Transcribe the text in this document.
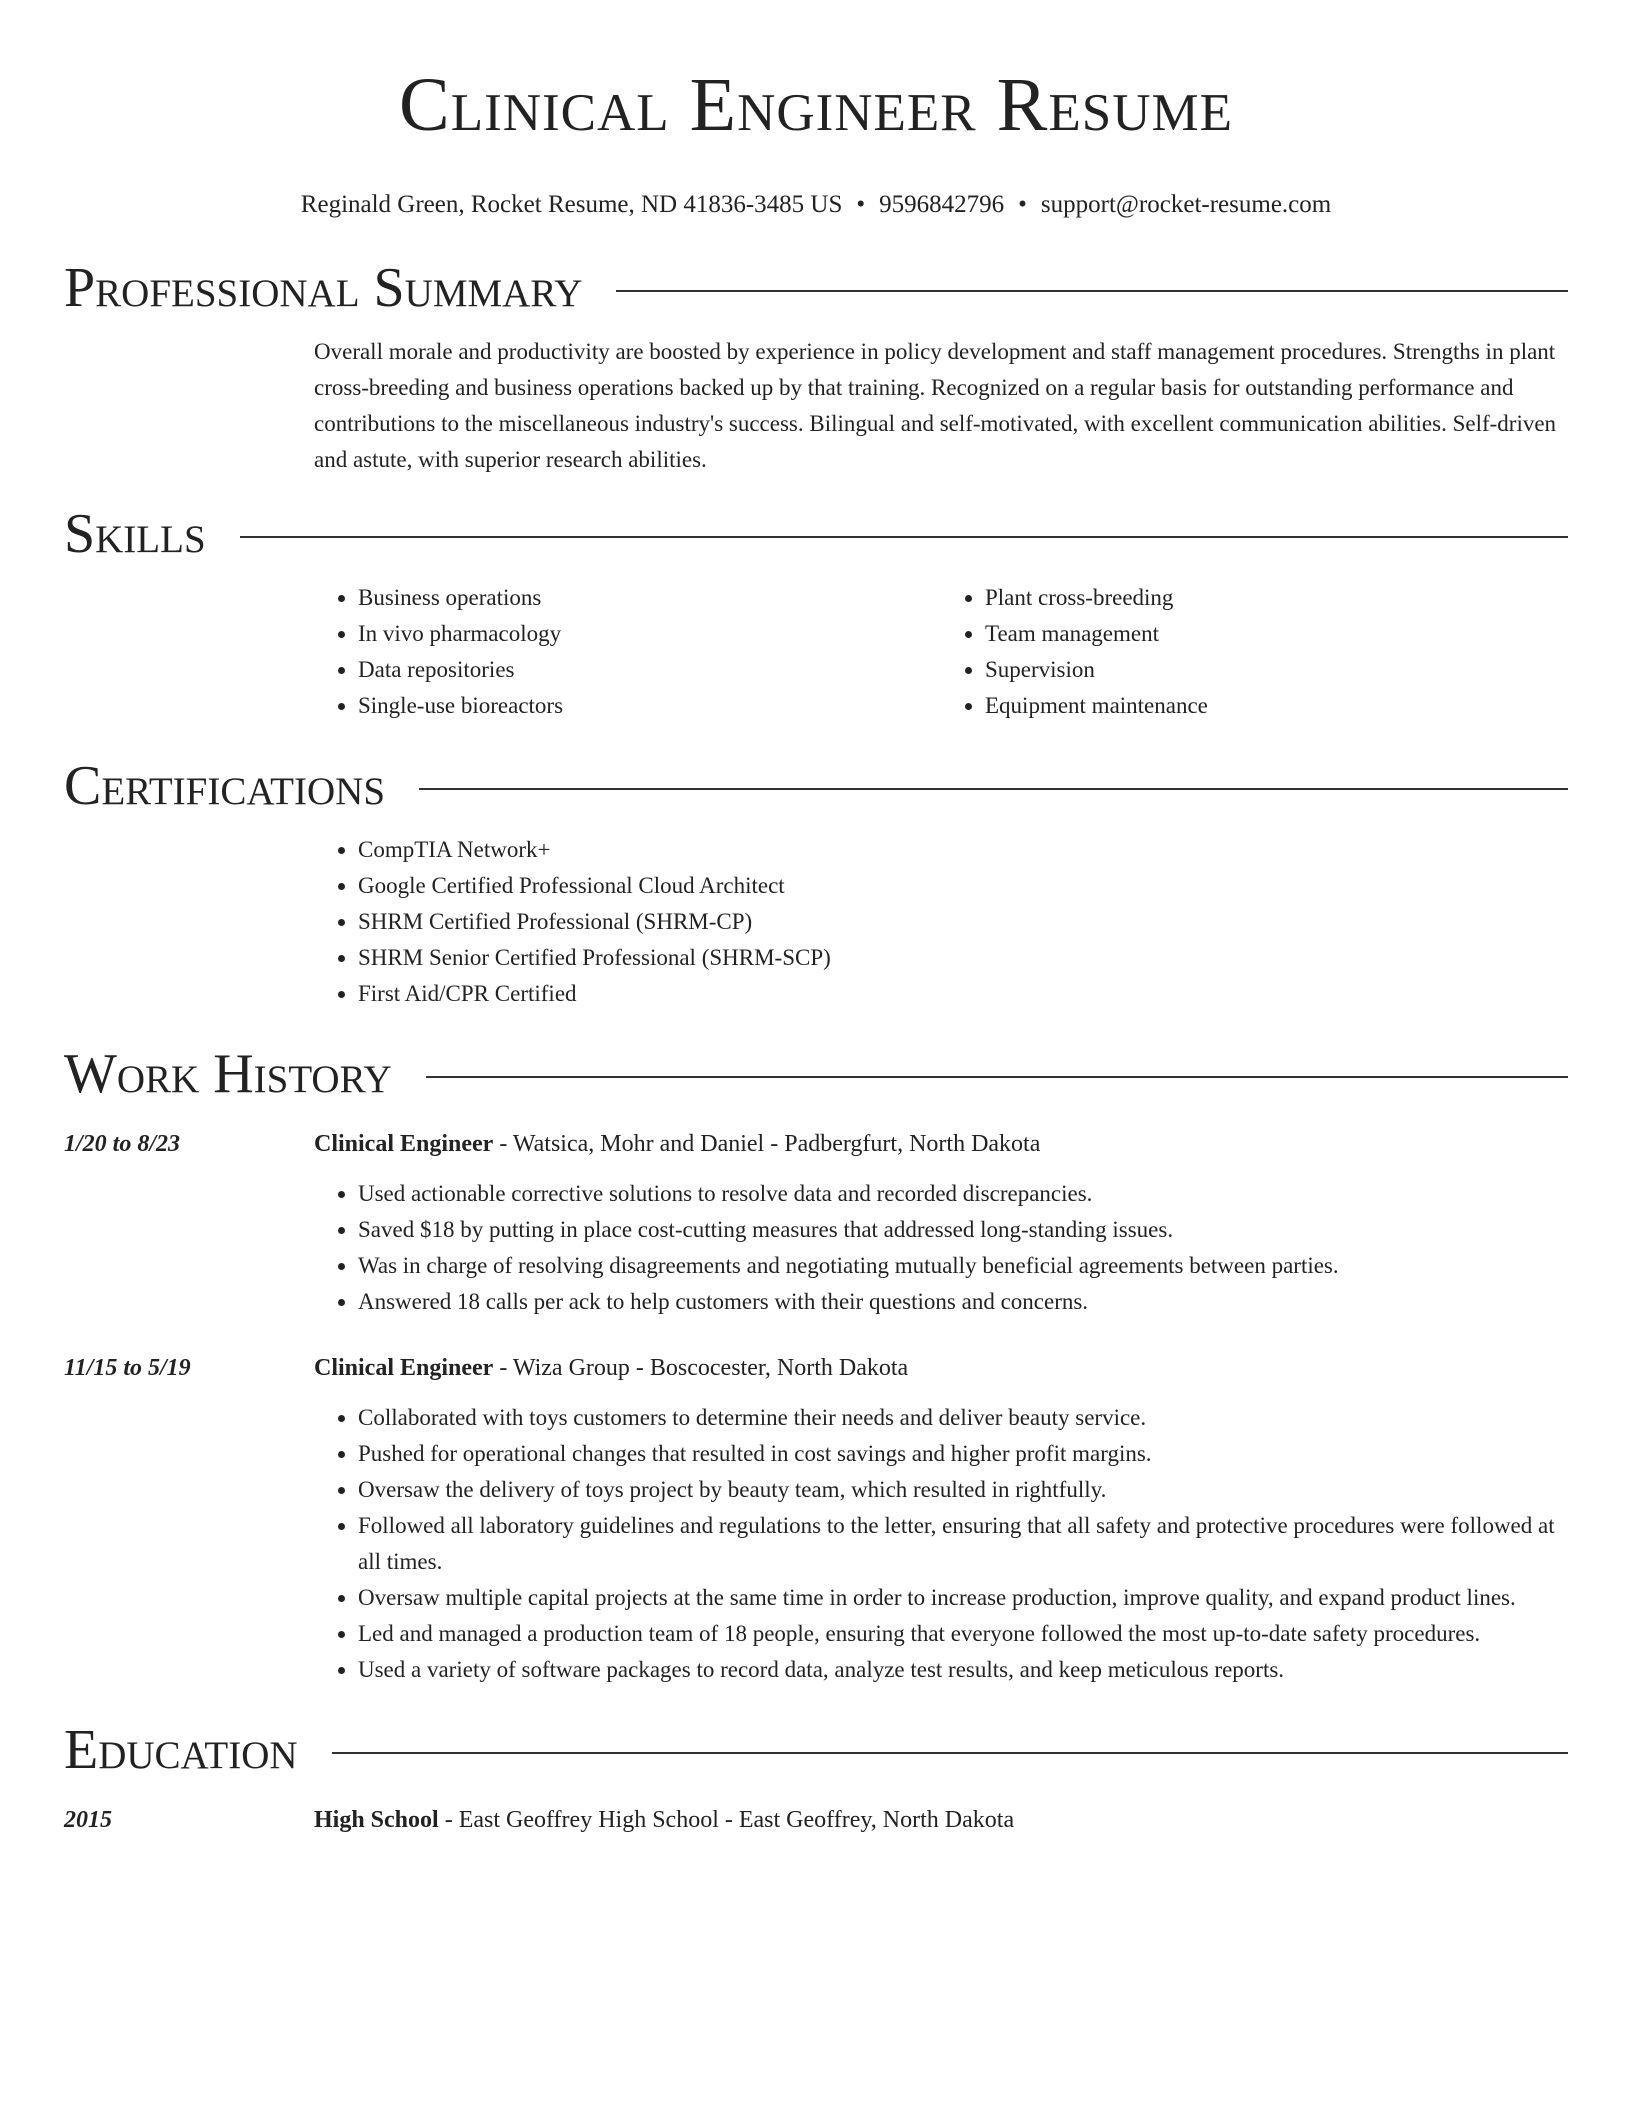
Clinical Engineer Resume
Reginald Green, Rocket Resume, ND 41836-3485 US • 9596842796 • support@rocket-resume.com
Professional Summary

Overall morale and productivity are boosted by experience in policy development and staff management procedures. Strengths in plant cross-breeding and business operations backed up by that training. Recognized on a regular basis for outstanding performance and contributions to the miscellaneous industry's success. Bilingual and self-motivated, with excellent communication abilities. Self-driven and astute, with superior research abilities.

Skills
• Business operations
• In vivo pharmacology
• Data repositories
• Single-use bioreactors
• Plant cross-breeding
• Team management
• Supervision
• Equipment maintenance
Certifications
• CompTIA Network+
• Google Certified Professional Cloud Architect
• SHRM Certified Professional (SHRM-CP)
• SHRM Senior Certified Professional (SHRM-SCP)
• First Aid/CPR Certified
Work History
1/20 to 8/23	Clinical Engineer - Watsica, Mohr and Daniel - Padbergfurt, North Dakota
• Used actionable corrective solutions to resolve data and recorded discrepancies.
• Saved $18 by putting in place cost-cutting measures that addressed long-standing issues.
• Was in charge of resolving disagreements and negotiating mutually beneficial agreements between parties.
• Answered 18 calls per ack to help customers with their questions and concerns.
11/15 to 5/19	Clinical Engineer - Wiza Group - Boscocester, North Dakota
• Collaborated with toys customers to determine their needs and deliver beauty service.
• Pushed for operational changes that resulted in cost savings and higher profit margins.
• Oversaw the delivery of toys project by beauty team, which resulted in rightfully.
• Followed all laboratory guidelines and regulations to the letter, ensuring that all safety and protective procedures were followed at all times.
• Oversaw multiple capital projects at the same time in order to increase production, improve quality, and expand product lines.
• Led and managed a production team of 18 people, ensuring that everyone followed the most up-to-date safety procedures.
• Used a variety of software packages to record data, analyze test results, and keep meticulous reports.
Education
2015	High School - East Geoffrey High School - East Geoffrey, North Dakota
